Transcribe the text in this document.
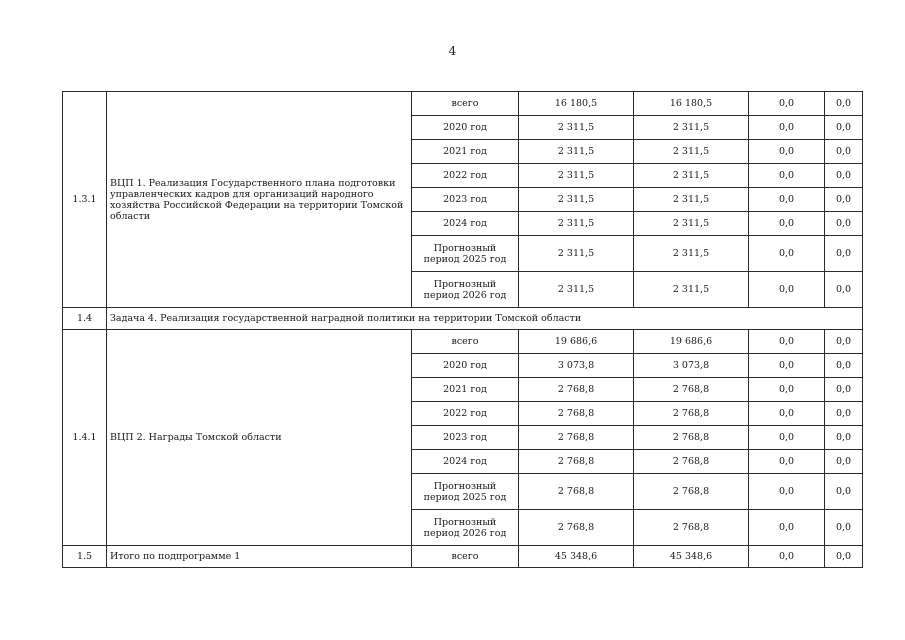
4
1.3.1	ВЦП 1. Реализация Государственного плана подготовки управленческих кадров для организаций народного хозяйства Российской Федерации на территории Томской области	всего	16 180,5	16 180,5	0,0	0,0
		2020 год	2 311,5	2 311,5	0,0	0,0
		2021 год	2 311,5	2 311,5	0,0	0,0
		2022 год	2 311,5	2 311,5	0,0	0,0
		2023 год	2 311,5	2 311,5	0,0	0,0
		2024 год	2 311,5	2 311,5	0,0	0,0
		Прогнозный период 2025 год	2 311,5	2 311,5	0,0	0,0
		Прогнозный период 2026 год	2 311,5	2 311,5	0,0	0,0
1.4	Задача 4. Реализация государственной наградной политики на территории Томской области					
1.4.1	ВЦП 2. Награды Томской области	всего	19 686,6	19 686,6	0,0	0,0
		2020 год	3 073,8	3 073,8	0,0	0,0
		2021 год	2 768,8	2 768,8	0,0	0,0
		2022 год	2 768,8	2 768,8	0,0	0,0
		2023 год	2 768,8	2 768,8	0,0	0,0
		2024 год	2 768,8	2 768,8	0,0	0,0
		Прогнозный период 2025 год	2 768,8	2 768,8	0,0	0,0
		Прогнозный период 2026 год	2 768,8	2 768,8	0,0	0,0
1.5	Итого по подпрограмме 1	всего	45 348,6	45 348,6	0,0	0,0
